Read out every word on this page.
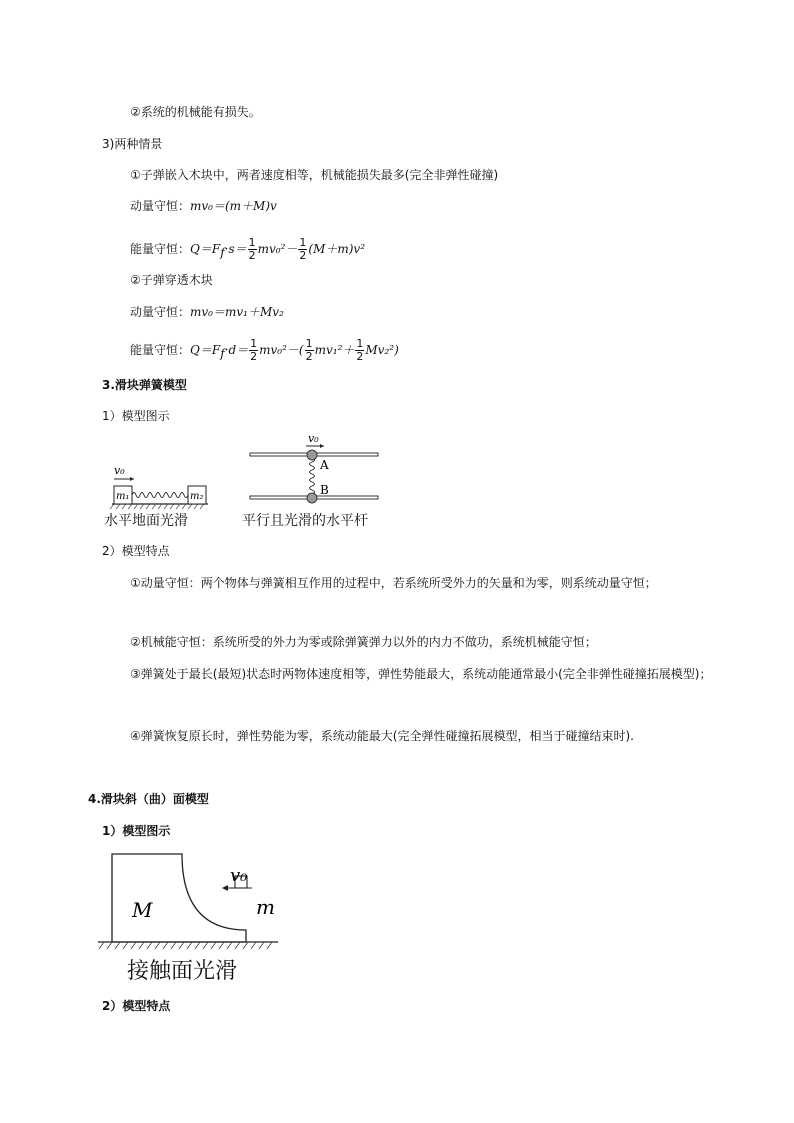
②系统的机械能有损失。
3)两种情景
①子弹嵌入木块中，两者速度相等，机械能损失最多(完全非弹性碰撞)
动量守恒：mv₀＝(m＋M)v
能量守恒：$Q=F_f\cdot s= \frac{1}{2} mv_0^2- \frac{1}{2} (M+m)v^2$
②子弹穿透木块
动量守恒：mv₀＝mv₁＋Mv₂
能量守恒：$Q=F_f\cdot d= \frac{1}{2} mv_0^2-( \frac{1}{2} mv_1^2+ \frac{1}{2} Mv_2^2)$
3.滑块弹簧模型
1）模型图示
m₁	m₂
v₀	A
B
v₀
水平地面光滑	平行且光滑的水平杆
2）模型特点
①动量守恒：两个物体与弹簧相互作用的过程中，若系统所受外力的矢量和为零，则系统动量守恒；
②机械能守恒：系统所受的外力为零或除弹簧弹力以外的内力不做功，系统机械能守恒；
③弹簧处于最长(最短)状态时两物体速度相等，弹性势能最大，系统动能通常最小(完全非弹性碰撞拓展模型)；
④弹簧恢复原长时，弹性势能为零，系统动能最大(完全弹性碰撞拓展模型，相当于碰撞结束时).
4.滑块斜（曲）面模型
1）模型图示
M	m
v₀
接触面光滑
2）模型特点
